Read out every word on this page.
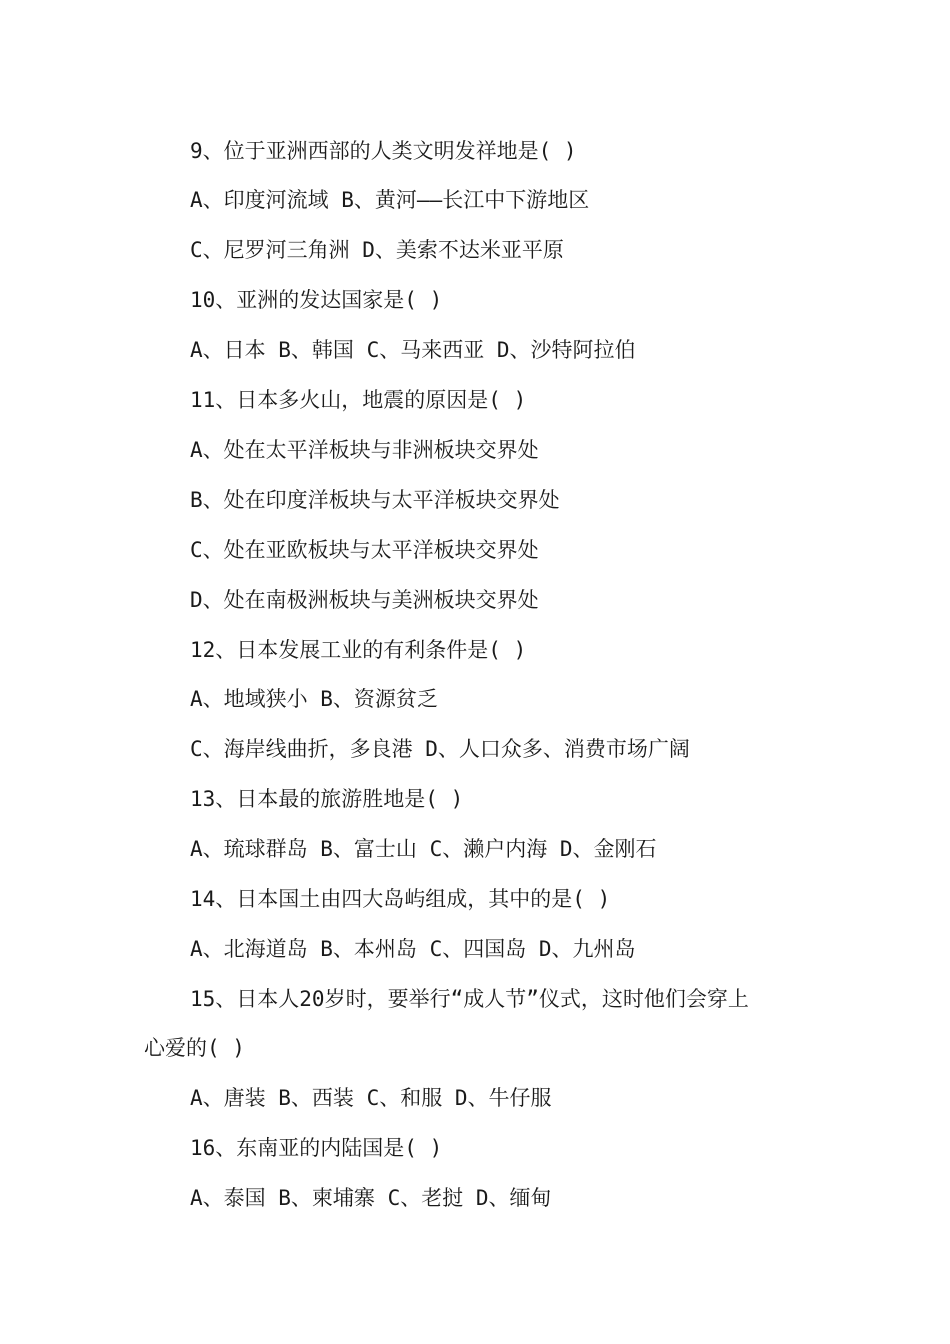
9、位于亚洲西部的人类文明发祥地是( )
A、印度河流域 B、黄河——长江中下游地区
C、尼罗河三角洲 D、美索不达米亚平原
10、亚洲的发达国家是( )
A、日本 B、韩国 C、马来西亚 D、沙特阿拉伯
11、日本多火山，地震的原因是( )
A、处在太平洋板块与非洲板块交界处
B、处在印度洋板块与太平洋板块交界处
C、处在亚欧板块与太平洋板块交界处
D、处在南极洲板块与美洲板块交界处
12、日本发展工业的有利条件是( )
A、地域狭小 B、资源贫乏
C、海岸线曲折，多良港 D、人口众多、消费市场广阔
13、日本最的旅游胜地是( )
A、琉球群岛 B、富士山 C、濑户内海 D、金刚石
14、日本国土由四大岛屿组成，其中的是( )
A、北海道岛 B、本州岛 C、四国岛 D、九州岛
15、日本人20岁时，要举行“成人节”仪式，这时他们会穿上
心爱的( )
A、唐装 B、西装 C、和服 D、牛仔服
16、东南亚的内陆国是( )
A、泰国 B、柬埔寨 C、老挝 D、缅甸
